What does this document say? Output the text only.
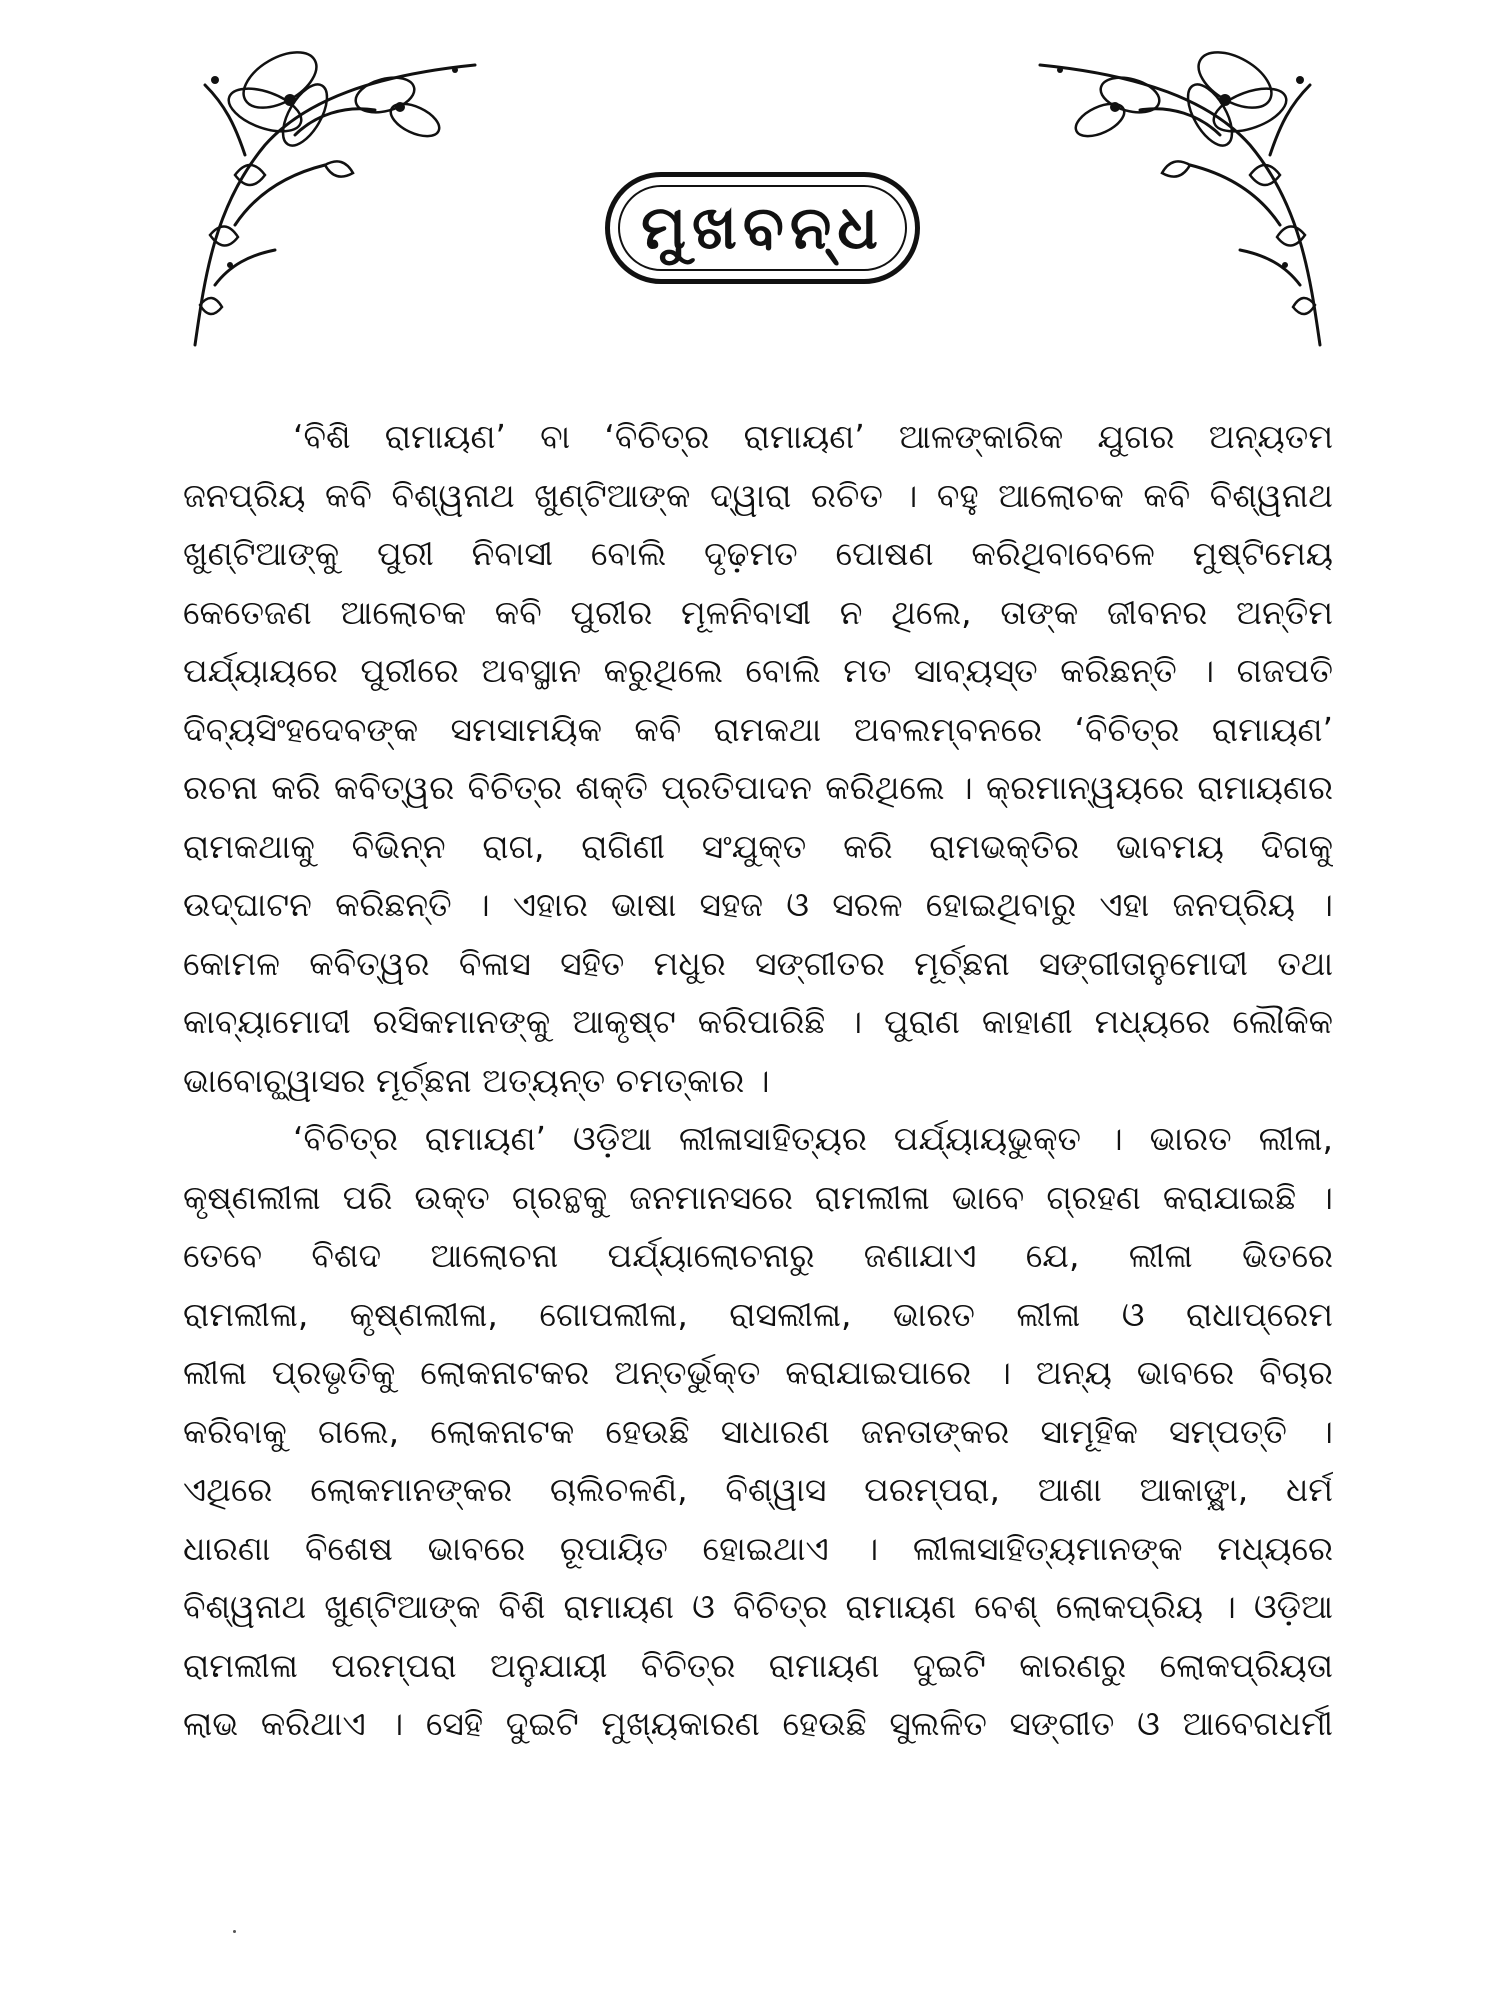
ମୁଖବନ୍ଧ
‘ବିଶି ରାମାୟଣ’ ବା ‘ବିଚିତ୍ର ରାମାୟଣ’ ଆଳଙ୍କାରିକ ଯୁଗର ଅନ୍ୟତମ
ଜନପ୍ରିୟ କବି ବିଶ୍ୱନାଥ ଖୁଣ୍ଟିଆଙ୍କ ଦ୍ୱାରା ରଚିତ । ବହୁ ଆଲୋଚକ କବି ବିଶ୍ୱନାଥ
ଖୁଣ୍ଟିଆଙ୍କୁ ପୁରୀ ନିବାସୀ ବୋଲି ଦୃଢ଼ମତ ପୋଷଣ କରିଥିବାବେଳେ ମୁଷ୍ଟିମେୟ
କେତେଜଣ ଆଲୋଚକ କବି ପୁରୀର ମୂଳନିବାସୀ ନ ଥିଲେ, ତାଙ୍କ ଜୀବନର ଅନ୍ତିମ
ପର୍ଯ୍ୟାୟରେ ପୁରୀରେ ଅବସ୍ଥାନ କରୁଥିଲେ ବୋଲି ମତ ସାବ୍ୟସ୍ତ କରିଛନ୍ତି । ଗଜପତି
ଦିବ୍ୟସିଂହଦେବଙ୍କ ସମସାମୟିକ କବି ରାମକଥା ଅବଲମ୍ବନରେ ‘ବିଚିତ୍ର ରାମାୟଣ’
ରଚନା କରି କବିତ୍ୱର ବିଚିତ୍ର ଶକ୍ତି ପ୍ରତିପାଦନ କରିଥିଲେ । କ୍ରମାନ୍ୱୟରେ ରାମାୟଣର
ରାମକଥାକୁ ବିଭିନ୍ନ ରାଗ, ରାଗିଣୀ ସଂଯୁକ୍ତ କରି ରାମଭକ୍ତିର ଭାବମୟ ଦିଗକୁ
ଉଦ୍‌ଘାଟନ କରିଛନ୍ତି । ଏହାର ଭାଷା ସହଜ ଓ ସରଳ ହୋଇଥିବାରୁ ଏହା ଜନପ୍ରିୟ ।
କୋମଳ କବିତ୍ୱର ବିଳାସ ସହିତ ମଧୁର ସଙ୍ଗୀତର ମୂର୍ଚ୍ଛନା ସଙ୍ଗୀତାନୁମୋଦୀ ତଥା
କାବ୍ୟାମୋଦୀ ରସିକମାନଙ୍କୁ ଆକୃଷ୍ଟ କରିପାରିଛି । ପୁରାଣ କାହାଣୀ ମଧ୍ୟରେ ଲୌକିକ
ଭାବୋଚ୍ଛ୍ୱାସର ମୂର୍ଚ୍ଛନା ଅତ୍ୟନ୍ତ ଚମତ୍କାର ।
‘ବିଚିତ୍ର ରାମାୟଣ’ ଓଡ଼ିଆ ଲୀଳାସାହିତ୍ୟର ପର୍ଯ୍ୟାୟଭୁକ୍ତ । ଭାରତ ଲୀଳା,
କୃଷ୍ଣଲୀଳା ପରି ଉକ୍ତ ଗ୍ରନ୍ଥକୁ ଜନମାନସରେ ରାମଲୀଳା ଭାବେ ଗ୍ରହଣ କରାଯାଇଛି ।
ତେବେ ବିଶଦ ଆଲୋଚନା ପର୍ଯ୍ୟାଲୋଚନାରୁ ଜଣାଯାଏ ଯେ, ଲୀଳା ଭିତରେ
ରାମଲୀଳା, କୃଷ୍ଣଲୀଳା, ଗୋପଲୀଳା, ରାସଲୀଳା, ଭାରତ ଲୀଳା ଓ ରାଧାପ୍ରେମ
ଲୀଳା ପ୍ରଭୃତିକୁ ଲୋକନାଟକର ଅନ୍ତର୍ଭୁକ୍ତ କରାଯାଇପାରେ । ଅନ୍ୟ ଭାବରେ ବିଚାର
କରିବାକୁ ଗଲେ, ଲୋକନାଟକ ହେଉଛି ସାଧାରଣ ଜନତାଙ୍କର ସାମୂହିକ ସମ୍ପତ୍ତି ।
ଏଥିରେ ଲୋକମାନଙ୍କର ଚାଲିଚଳଣି, ବିଶ୍ୱାସ ପରମ୍ପରା, ଆଶା ଆକାଙ୍କ୍ଷା, ଧର୍ମ
ଧାରଣା ବିଶେଷ ଭାବରେ ରୂପାୟିତ ହୋଇଥାଏ । ଲୀଳାସାହିତ୍ୟମାନଙ୍କ ମଧ୍ୟରେ
ବିଶ୍ୱନାଥ ଖୁଣ୍ଟିଆଙ୍କ ବିଶି ରାମାୟଣ ଓ ବିଚିତ୍ର ରାମାୟଣ ବେଶ୍ ଲୋକପ୍ରିୟ । ଓଡ଼ିଆ
ରାମଲୀଳା ପରମ୍ପରା ଅନୁଯାୟୀ ବିଚିତ୍ର ରାମାୟଣ ଦୁଇଟି କାରଣରୁ ଲୋକପ୍ରିୟତା
ଲାଭ କରିଥାଏ । ସେହି ଦୁଇଟି ମୁଖ୍ୟକାରଣ ହେଉଛି ସୁଲଳିତ ସଙ୍ଗୀତ ଓ ଆବେଗଧର୍ମୀ
